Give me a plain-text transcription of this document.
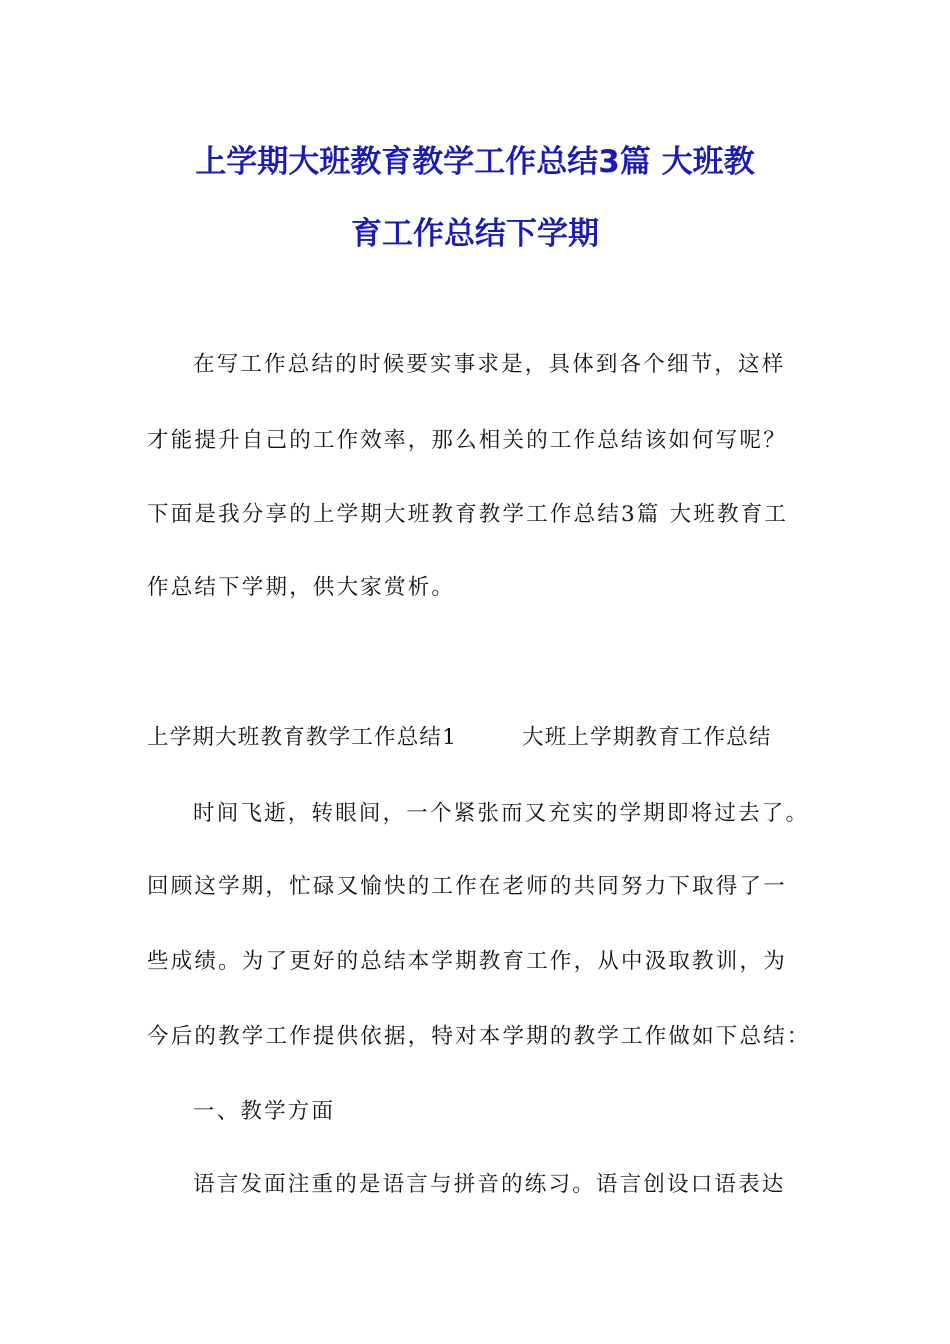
上学期大班教育教学工作总结3篇 大班教
育工作总结下学期
在写工作总结的时候要实事求是，具体到各个细节，这样
才能提升自己的工作效率，那么相关的工作总结该如何写呢？
下面是我分享的上学期大班教育教学工作总结3篇 大班教育工
作总结下学期，供大家赏析。
上学期大班教育教学工作总结1	大班上学期教育工作总结
时间飞逝，转眼间，一个紧张而又充实的学期即将过去了。
回顾这学期，忙碌又愉快的工作在老师的共同努力下取得了一
些成绩。为了更好的总结本学期教育工作，从中汲取教训，为
今后的教学工作提供依据，特对本学期的教学工作做如下总结：
一、教学方面
语言发面注重的是语言与拼音的练习。语言创设口语表达
